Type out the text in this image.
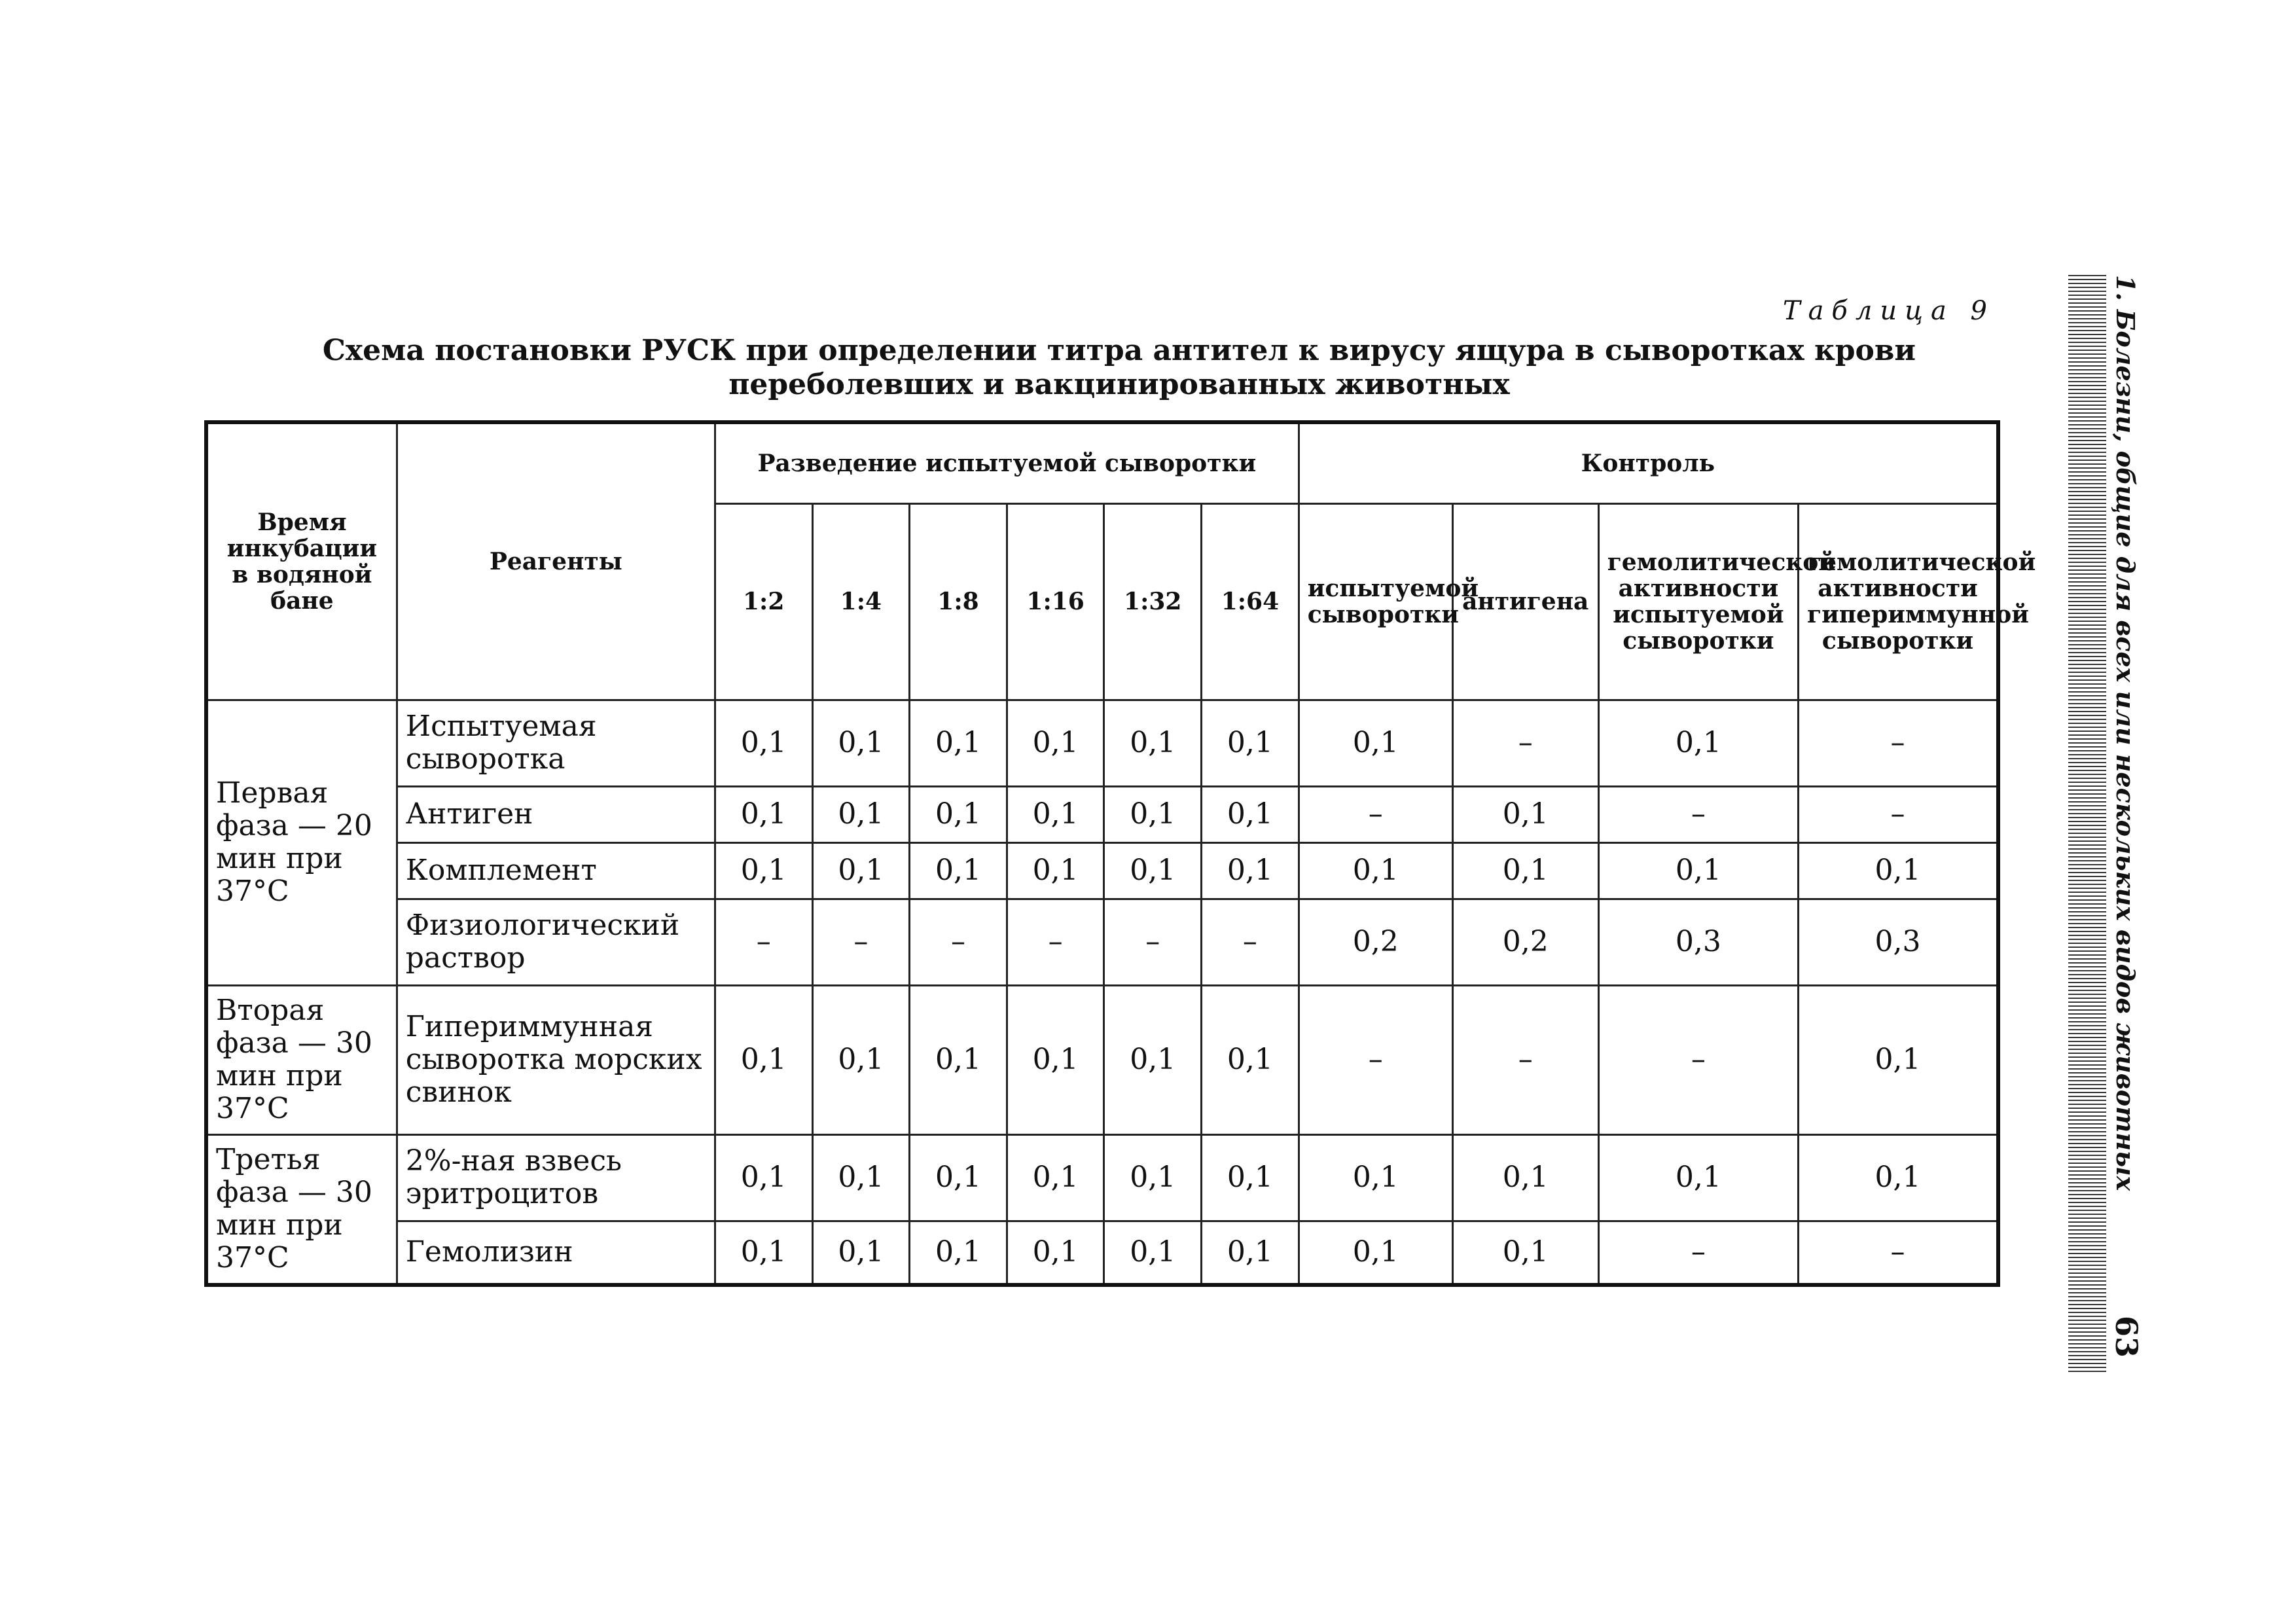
Таблица 9
Схема постановки РУСК при определении титра антител к вирусу ящура в сыворотках крови переболевших и вакцинированных животных
Время инкубации в водяной бане	Реагенты	Разведение испытуемой сыворотки						Контроль			
		1:2	1:4	1:8	1:16	1:32	1:64	испытуемой сыворотки	антигена	гемолитической активности испытуемой сыворотки	гемолитической активности гипериммунной сыворотки
Первая фаза — 20 мин при 37°С	Испытуемая сыворотка	0,1	0,1	0,1	0,1	0,1	0,1	0,1	–	0,1	–
	Антиген	0,1	0,1	0,1	0,1	0,1	0,1	–	0,1	–	–
	Комплемент	0,1	0,1	0,1	0,1	0,1	0,1	0,1	0,1	0,1	0,1
	Физиологический раствор	–	–	–	–	–	–	0,2	0,2	0,3	0,3
Вторая фаза — 30 мин при 37°С	Гипериммунная сыворотка морских свинок	0,1	0,1	0,1	0,1	0,1	0,1	–	–	–	0,1
Третья фаза — 30 мин при 37°С	2%-ная взвесь эритроцитов	0,1	0,1	0,1	0,1	0,1	0,1	0,1	0,1	0,1	0,1
	Гемолизин	0,1	0,1	0,1	0,1	0,1	0,1	0,1	0,1	–	–
1. Болезни, общие для всех или нескольких видов животных
63
